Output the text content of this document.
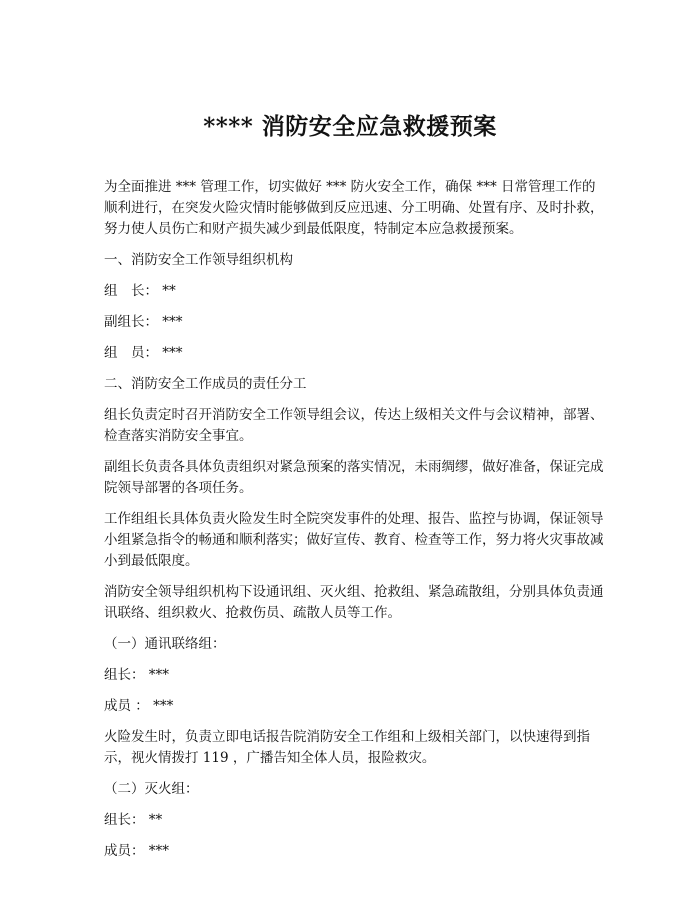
**** 消防安全应急救援预案

为全面推进 *** 管理工作，切实做好 *** 防火安全工作，确保 *** 日常管理工作的顺利进行，在突发火险灾情时能够做到反应迅速、分工明确、处置有序、及时扑救，努力使人员伤亡和财产损失减少到最低限度，特制定本应急救援预案。

一、消防安全工作领导组织机构

组　长： **

副组长： ***

组　员： ***

二、消防安全工作成员的责任分工

组长负责定时召开消防安全工作领导组会议，传达上级相关文件与会议精神，部署、检查落实消防安全事宜。

副组长负责各具体负责组织对紧急预案的落实情况，未雨绸缪，做好准备，保证完成院领导部署的各项任务。

工作组组长具体负责火险发生时全院突发事件的处理、报告、监控与协调，保证领导小组紧急指令的畅通和顺利落实；做好宣传、教育、检查等工作，努力将火灾事故减小到最低限度。

消防安全领导组织机构下设通讯组、灭火组、抢救组、紧急疏散组，分别具体负责通讯联络、组织救火、抢救伤员、疏散人员等工作。

（一）通讯联络组：

组长： ***

成员 ： ***

火险发生时，负责立即电话报告院消防安全工作组和上级相关部门，以快速得到指示，视火情拨打 119 ，广播告知全体人员，报险救灾。

（二）灭火组：

组长： **

成员： ***
